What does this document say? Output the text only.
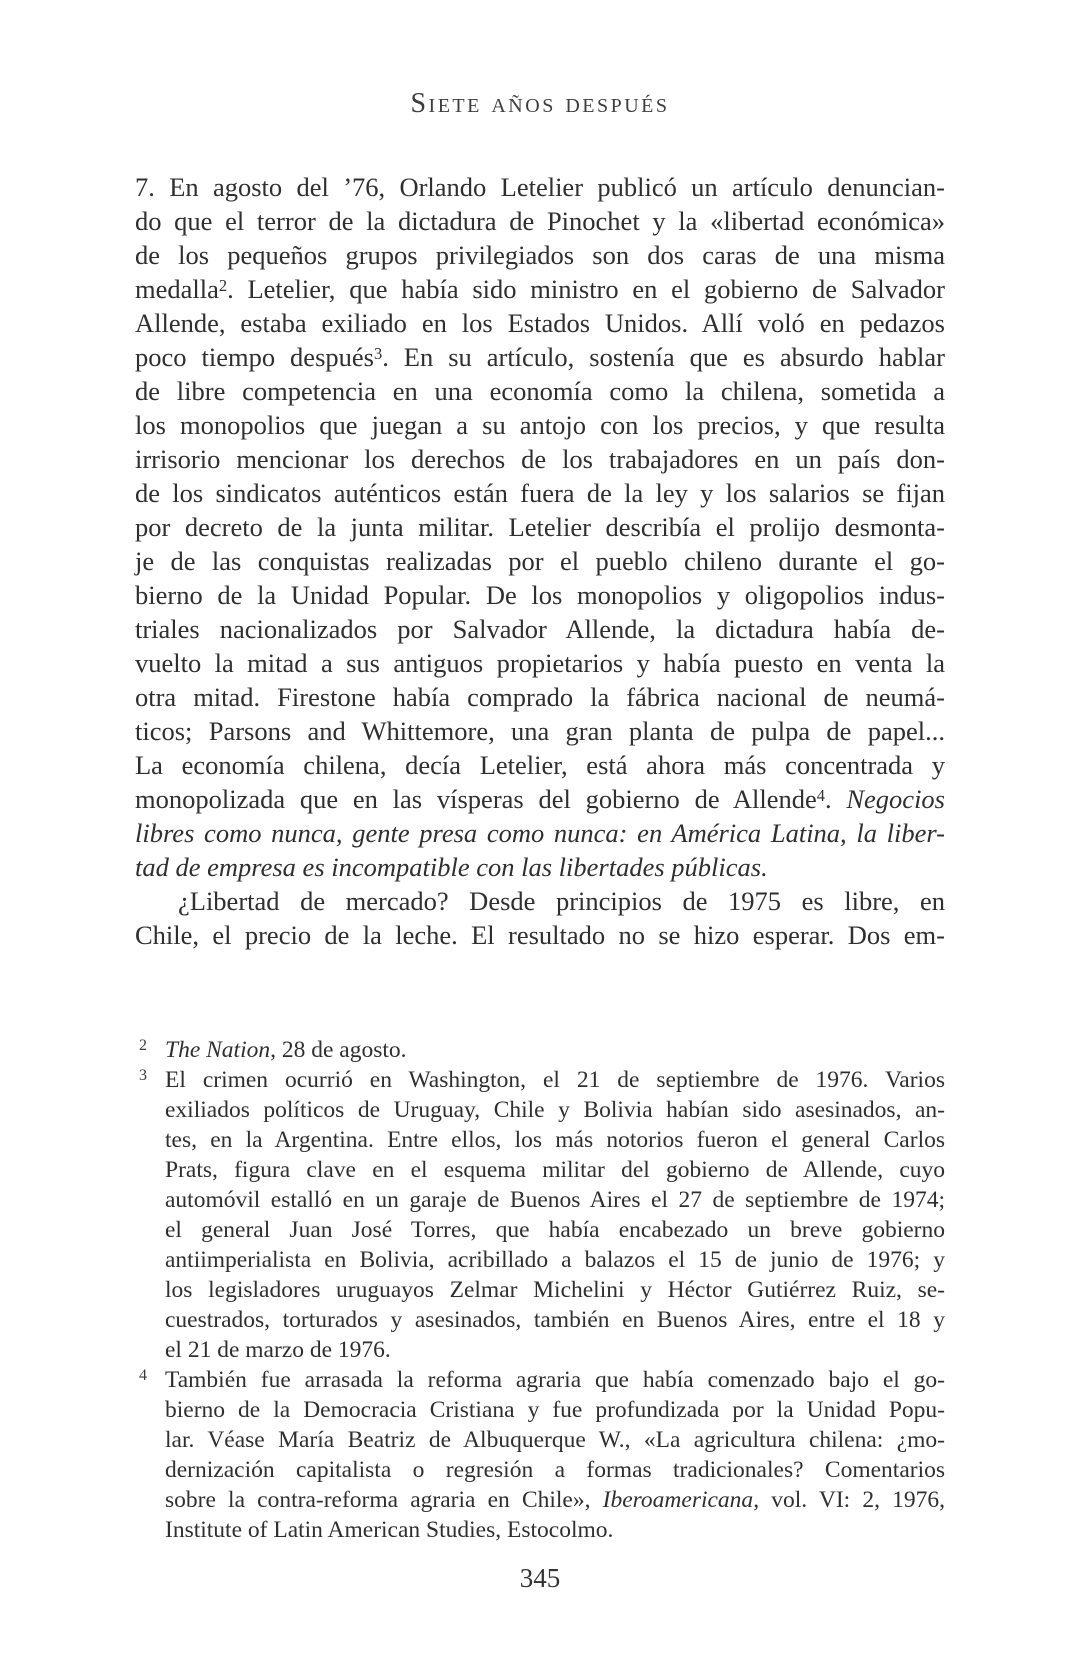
Siete años después
7. En agosto del ’76, Orlando Letelier publicó un artículo denuncian-
do que el terror de la dictadura de Pinochet y la «libertad económica»
de los pequeños grupos privilegiados son dos caras de una misma
medalla$^2$. Letelier, que había sido ministro en el gobierno de Salvador
Allende, estaba exiliado en los Estados Unidos. Allí voló en pedazos
poco tiempo después$^3$. En su artículo, sostenía que es absurdo hablar
de libre competencia en una economía como la chilena, sometida a
los monopolios que juegan a su antojo con los precios, y que resulta
irrisorio mencionar los derechos de los trabajadores en un país don-
de los sindicatos auténticos están fuera de la ley y los salarios se fijan
por decreto de la junta militar. Letelier describía el prolijo desmonta-
je de las conquistas realizadas por el pueblo chileno durante el go-
bierno de la Unidad Popular. De los monopolios y oligopolios indus-
triales nacionalizados por Salvador Allende, la dictadura había de-
vuelto la mitad a sus antiguos propietarios y había puesto en venta la
otra mitad. Firestone había comprado la fábrica nacional de neumá-
ticos; Parsons and Whittemore, una gran planta de pulpa de papel...
La economía chilena, decía Letelier, está ahora más concentrada y
monopolizada que en las vísperas del gobierno de Allende$^4$. Negocios
libres como nunca, gente presa como nunca: en América Latina, la liber-
tad de empresa es incompatible con las libertades públicas.
¿Libertad de mercado? Desde principios de 1975 es libre, en
Chile, el precio de la leche. El resultado no se hizo esperar. Dos em-
2 The Nation, 28 de agosto.
3 El crimen ocurrió en Washington, el 21 de septiembre de 1976. Varios
exiliados políticos de Uruguay, Chile y Bolivia habían sido asesinados, an-
tes, en la Argentina. Entre ellos, los más notorios fueron el general Carlos
Prats, figura clave en el esquema militar del gobierno de Allende, cuyo
automóvil estalló en un garaje de Buenos Aires el 27 de septiembre de 1974;
el general Juan José Torres, que había encabezado un breve gobierno
antiimperialista en Bolivia, acribillado a balazos el 15 de junio de 1976; y
los legisladores uruguayos Zelmar Michelini y Héctor Gutiérrez Ruiz, se-
cuestrados, torturados y asesinados, también en Buenos Aires, entre el 18 y
el 21 de marzo de 1976.
4 También fue arrasada la reforma agraria que había comenzado bajo el go-
bierno de la Democracia Cristiana y fue profundizada por la Unidad Popu-
lar. Véase María Beatriz de Albuquerque W., «La agricultura chilena: ¿mo-
dernización capitalista o regresión a formas tradicionales? Comentarios
sobre la contra-reforma agraria en Chile», Iberoamericana, vol. VI: 2, 1976,
Institute of Latin American Studies, Estocolmo.
345
